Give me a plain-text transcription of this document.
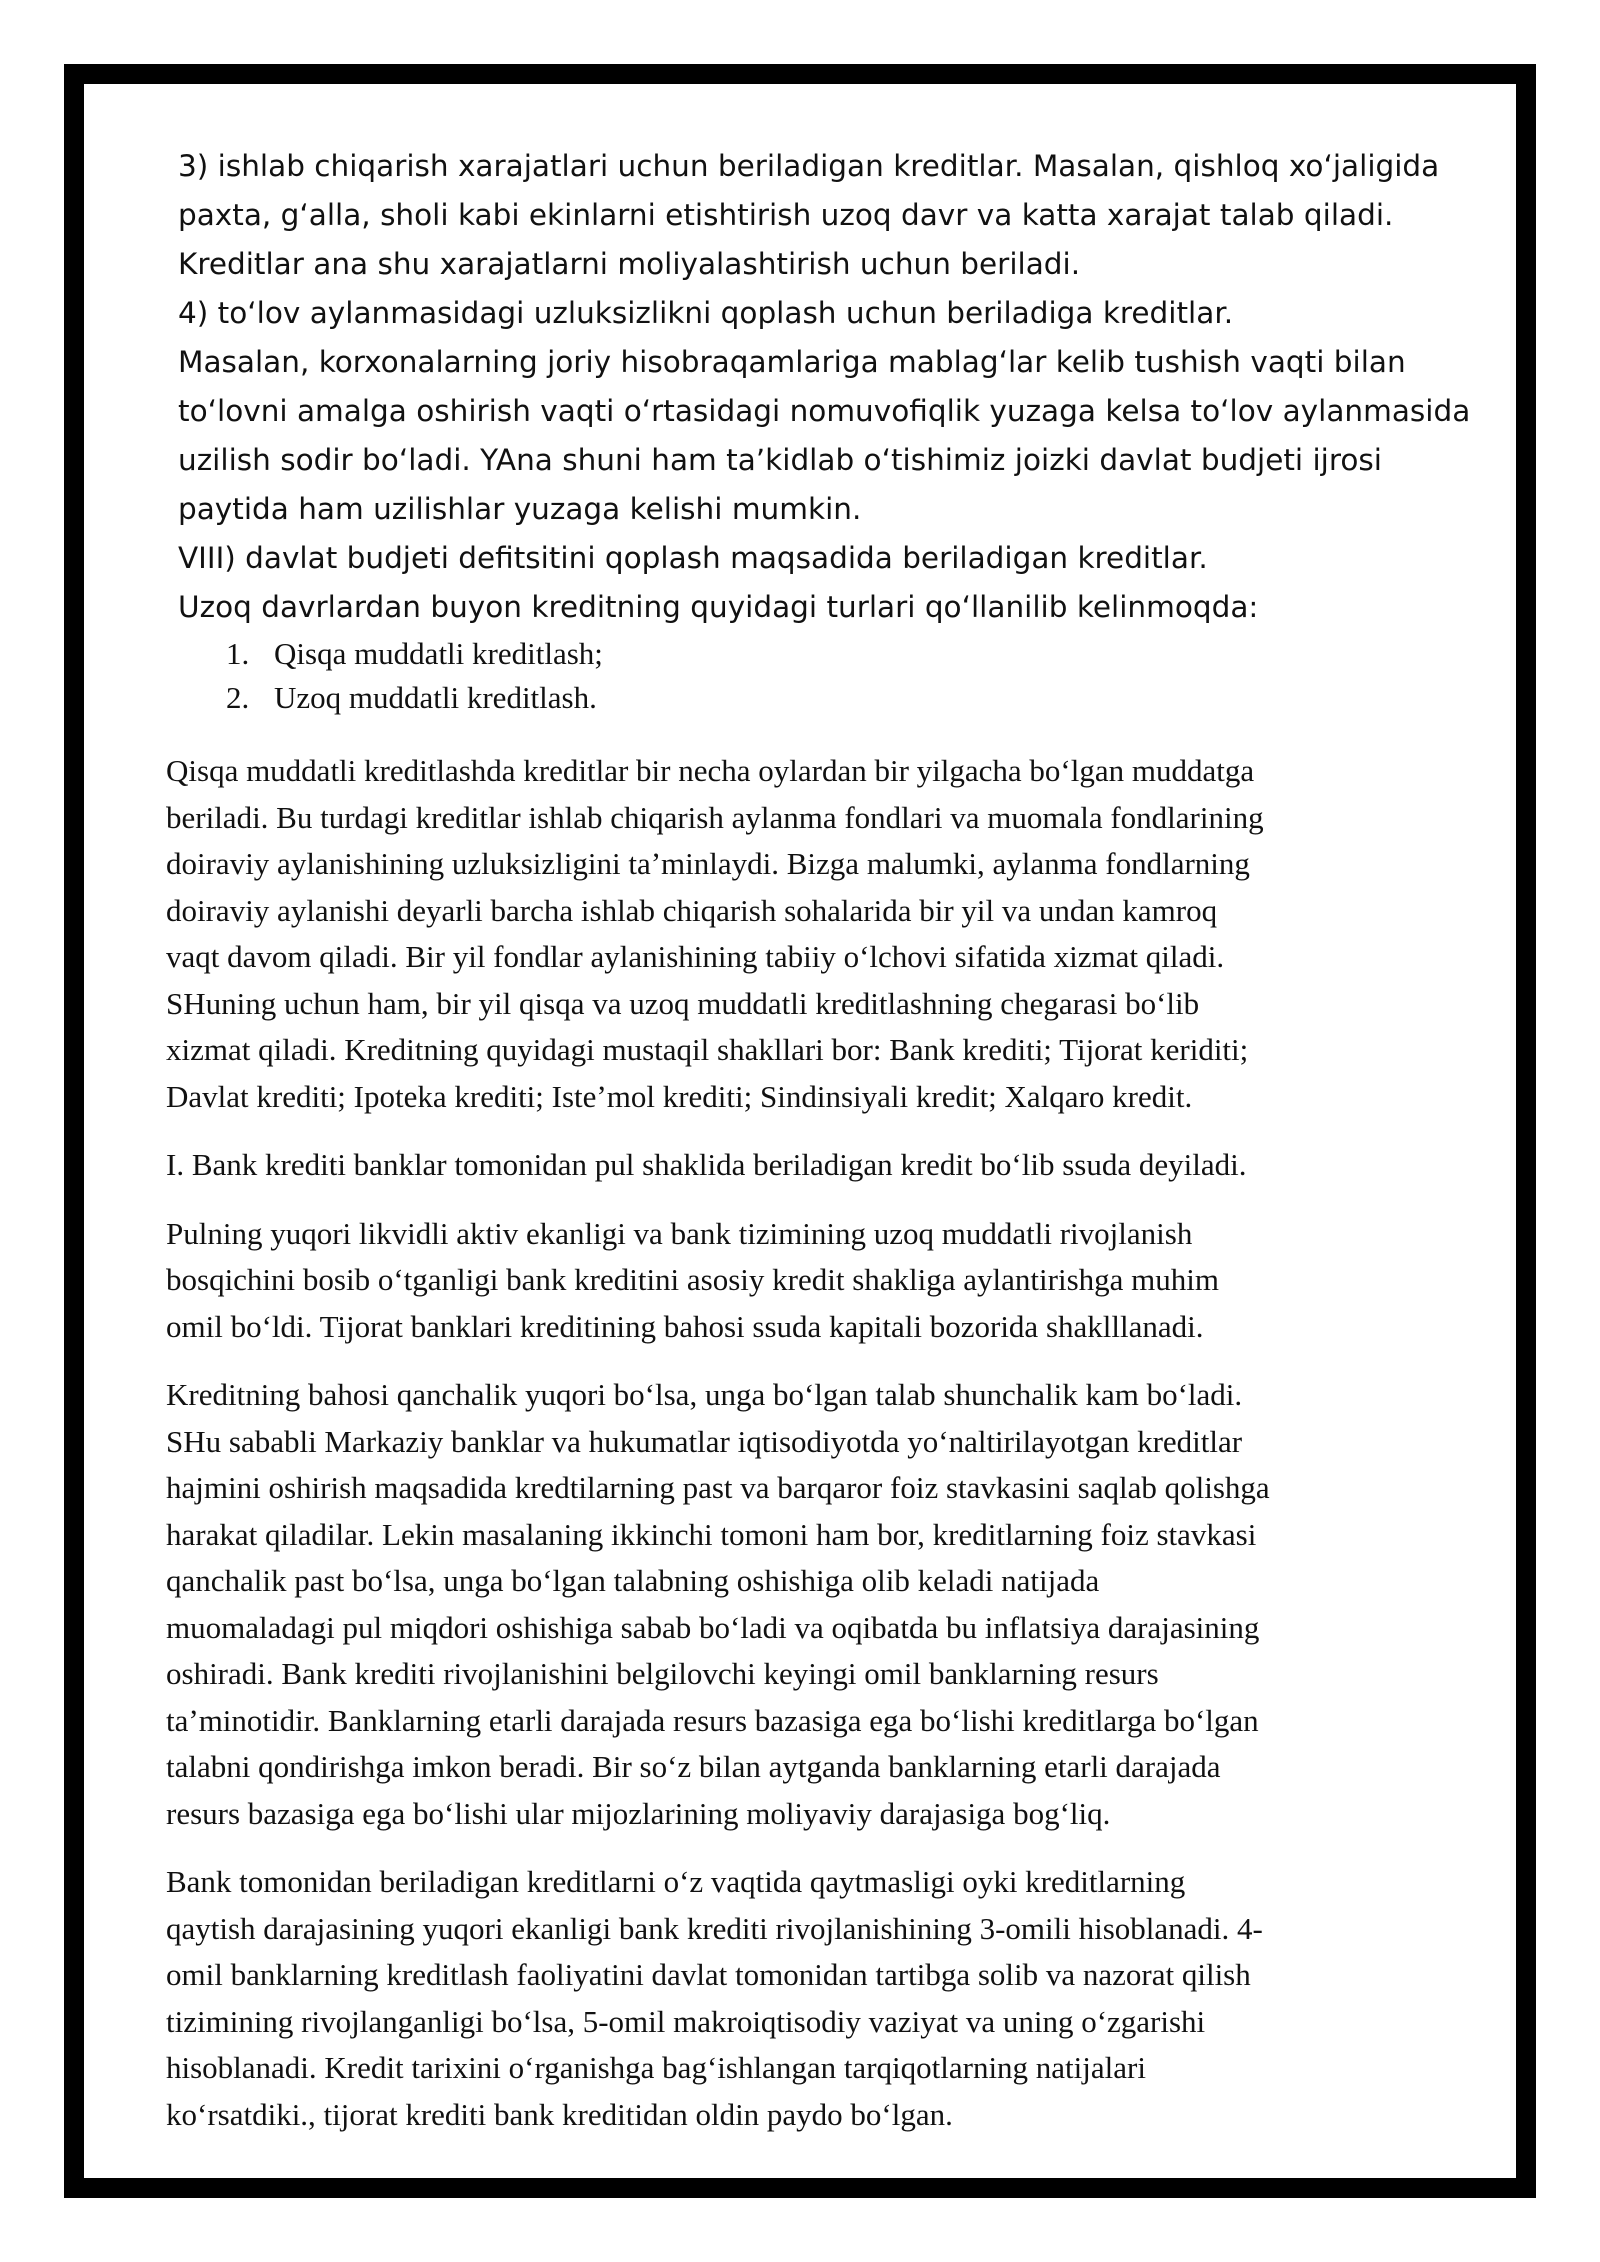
3) ishlab chiqarish xarajatlari uchun beriladigan kreditlar. Masalan, qishloq xoʻjaligida
paxta, gʻalla, sholi kabi ekinlarni etishtirish uzoq davr va katta xarajat talab qiladi.
Kreditlar ana shu xarajatlarni moliyalashtirish uchun beriladi.
4) toʻlov aylanmasidagi uzluksizlikni qoplash uchun beriladiga kreditlar.
Masalan, korxonalarning joriy hisobraqamlariga mablagʻlar kelib tushish vaqti bilan
toʻlovni amalga oshirish vaqti oʻrtasidagi nomuvofiqlik yuzaga kelsa toʻlov aylanmasida
uzilish sodir boʻladi. YAna shuni ham taʼkidlab oʻtishimiz joizki davlat budjeti ijrosi
paytida ham uzilishlar yuzaga kelishi mumkin.
VIII) davlat budjeti defitsitini qoplash maqsadida beriladigan kreditlar.
Uzoq davrlardan buyon kreditning quyidagi turlari qoʻllanilib kelinmoqda:
1. Qisqa muddatli kreditlash;
2. Uzoq muddatli kreditlash.

Qisqa muddatli kreditlashda kreditlar bir necha oylardan bir yilgacha boʻlgan muddatga
beriladi. Bu turdagi kreditlar ishlab chiqarish aylanma fondlari va muomala fondlarining
doiraviy aylanishining uzluksizligini taʼminlaydi. Bizga malumki, aylanma fondlarning
doiraviy aylanishi deyarli barcha ishlab chiqarish sohalarida bir yil va undan kamroq
vaqt davom qiladi. Bir yil fondlar aylanishining tabiiy oʻlchovi sifatida xizmat qiladi.
SHuning uchun ham, bir yil qisqa va uzoq muddatli kreditlashning chegarasi boʻlib
xizmat qiladi. Kreditning quyidagi mustaqil shakllari bor: Bank krediti; Tijorat keriditi;
Davlat krediti; Ipoteka krediti; Isteʼmol krediti; Sindinsiyali kredit; Xalqaro kredit.

I. Bank krediti banklar tomonidan pul shaklida beriladigan kredit boʻlib ssuda deyiladi.

Pulning yuqori likvidli aktiv ekanligi va bank tizimining uzoq muddatli rivojlanish
bosqichini bosib oʻtganligi bank kreditini asosiy kredit shakliga aylantirishga muhim
omil boʻldi. Tijorat banklari kreditining bahosi ssuda kapitali bozorida shaklllanadi.

Kreditning bahosi qanchalik yuqori boʻlsa, unga boʻlgan talab shunchalik kam boʻladi.
SHu sababli Markaziy banklar va hukumatlar iqtisodiyotda yoʻnaltirilayotgan kreditlar
hajmini oshirish maqsadida kredtilarning past va barqaror foiz stavkasini saqlab qolishga
harakat qiladilar. Lekin masalaning ikkinchi tomoni ham bor, kreditlarning foiz stavkasi
qanchalik past boʻlsa, unga boʻlgan talabning oshishiga olib keladi natijada
muomaladagi pul miqdori oshishiga sabab boʻladi va oqibatda bu inflatsiya darajasining
oshiradi. Bank krediti rivojlanishini belgilovchi keyingi omil banklarning resurs
taʼminotidir. Banklarning etarli darajada resurs bazasiga ega boʻlishi kreditlarga boʻlgan
talabni qondirishga imkon beradi. Bir soʻz bilan aytganda banklarning etarli darajada
resurs bazasiga ega boʻlishi ular mijozlarining moliyaviy darajasiga bogʻliq.

Bank tomonidan beriladigan kreditlarni oʻz vaqtida qaytmasligi oyki kreditlarning
qaytish darajasining yuqori ekanligi bank krediti rivojlanishining 3-omili hisoblanadi. 4-
omil banklarning kreditlash faoliyatini davlat tomonidan tartibga solib va nazorat qilish
tizimining rivojlanganligi boʻlsa, 5-omil makroiqtisodiy vaziyat va uning oʻzgarishi
hisoblanadi. Kredit tarixini oʻrganishga bagʻishlangan tarqiqotlarning natijalari
koʻrsatdiki., tijorat krediti bank kreditidan oldin paydo boʻlgan.
